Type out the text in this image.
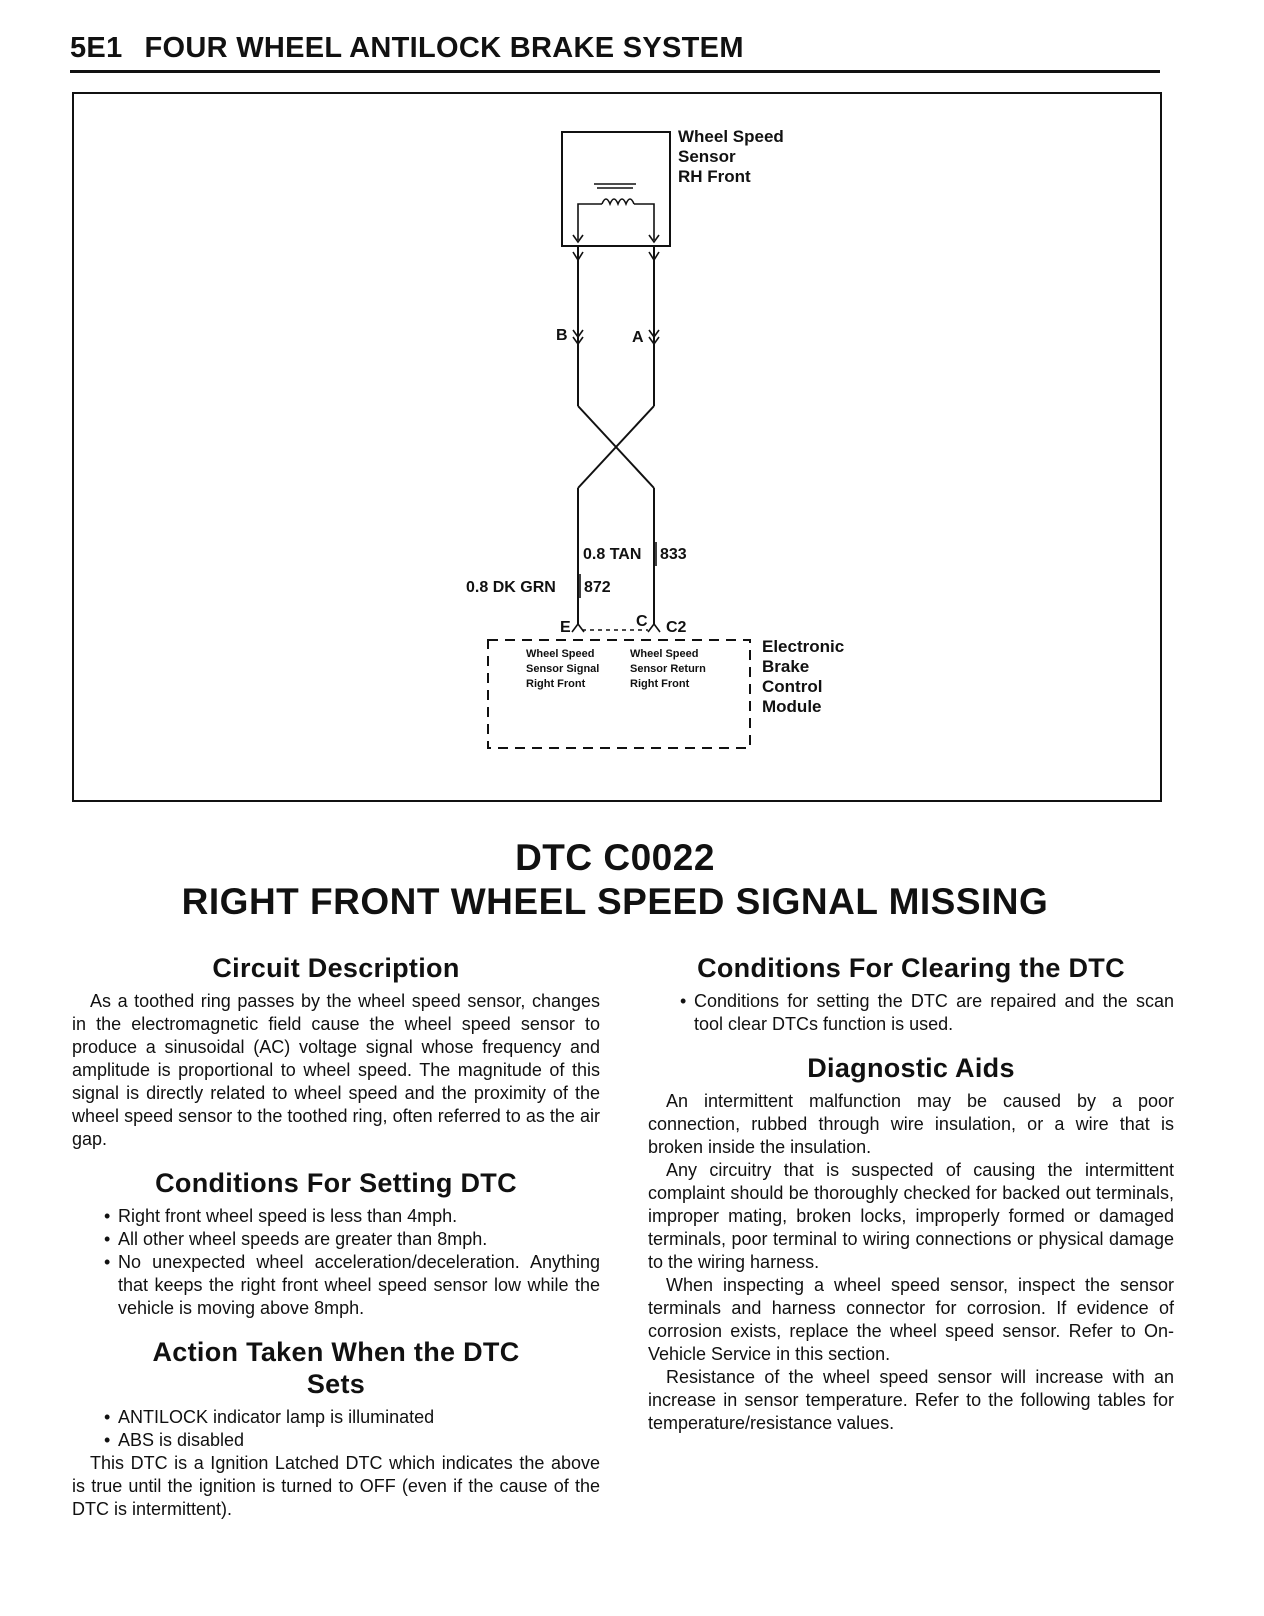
5E1 FOUR WHEEL ANTILOCK BRAKE SYSTEM
B	A
0.8 TAN 833
0.8 DK GRN 872
E	C C2
Wheel Speed
Sensor Signal
Right Front
Wheel Speed
Sensor Return
Right Front
Wheel Speed
Sensor
RH Front
Electronic
Brake
Control
Module
DTC C0022
RIGHT FRONT WHEEL SPEED SIGNAL MISSING
Circuit Description

As a toothed ring passes by the wheel speed sensor, changes in the electromagnetic field cause the wheel speed sensor to produce a sinusoidal (AC) voltage signal whose frequency and amplitude is proportional to wheel speed. The magnitude of this signal is directly related to wheel speed and the proximity of the wheel speed sensor to the toothed ring, often referred to as the air gap.

Conditions For Setting DTC
• Right front wheel speed is less than 4mph.
• All other wheel speeds are greater than 8mph.
• No unexpected wheel acceleration/deceleration. Anything that keeps the right front wheel speed sensor low while the vehicle is moving above 8mph.
Action Taken When the DTC
Sets
• ANTILOCK indicator lamp is illuminated
• ABS is disabled

This DTC is a Ignition Latched DTC which indicates the above is true until the ignition is turned to OFF (even if the cause of the DTC is intermittent).

Conditions For Clearing the DTC
• Conditions for setting the DTC are repaired and the scan tool clear DTCs function is used.
Diagnostic Aids

An intermittent malfunction may be caused by a poor connection, rubbed through wire insulation, or a wire that is broken inside the insulation.

Any circuitry that is suspected of causing the intermittent complaint should be thoroughly checked for backed out terminals, improper mating, broken locks, improperly formed or damaged terminals, poor terminal to wiring connections or physical damage to the wiring harness.

When inspecting a wheel speed sensor, inspect the sensor terminals and harness connector for corrosion. If evidence of corrosion exists, replace the wheel speed sensor. Refer to On-Vehicle Service in this section.

Resistance of the wheel speed sensor will increase with an increase in sensor temperature. Refer to the following tables for temperature/resistance values.
